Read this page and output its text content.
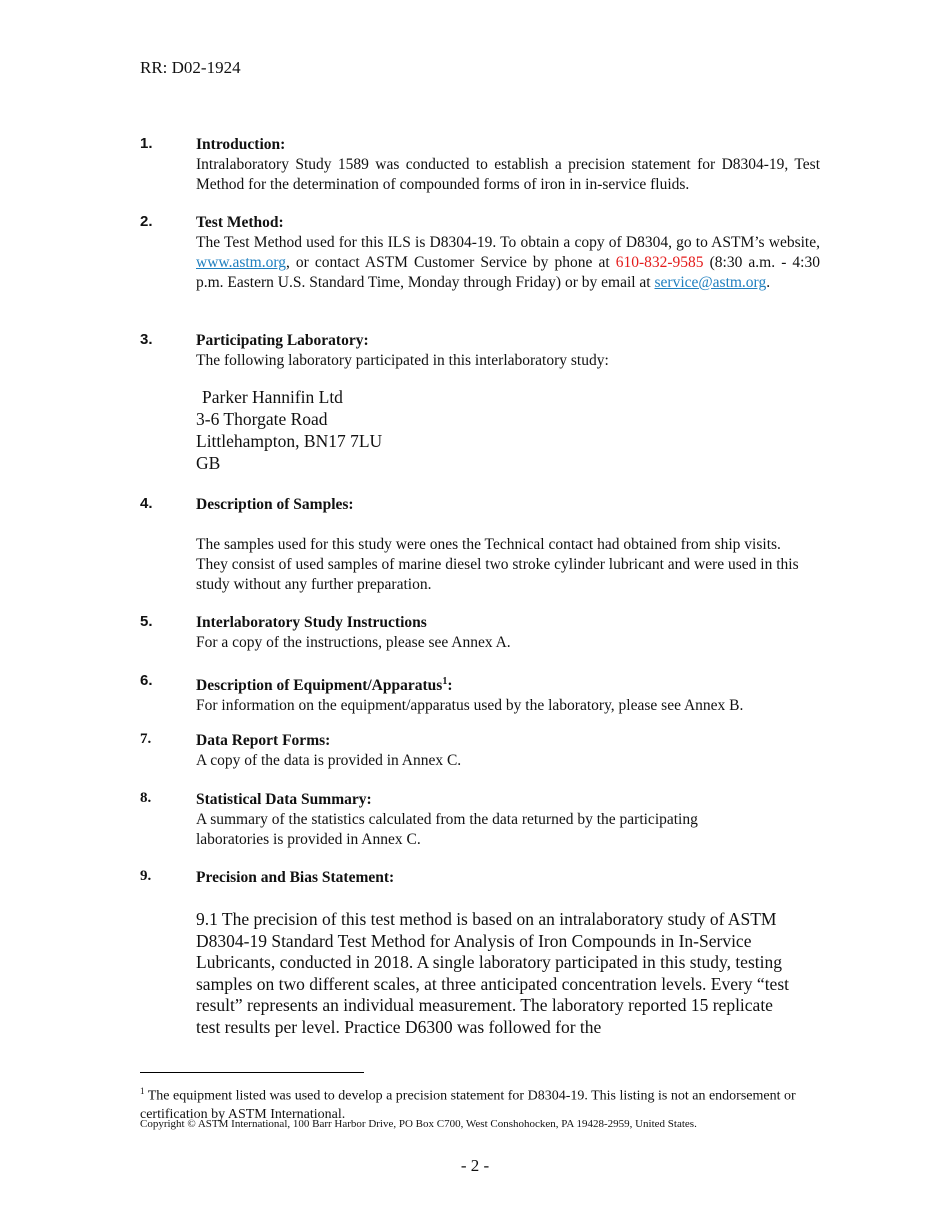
RR: D02-1924
1.	Introduction:
Intralaboratory Study 1589 was conducted to establish a precision statement for D8304-19, Test Method for the determination of compounded forms of iron in in-service fluids.
2.	Test Method:
The Test Method used for this ILS is D8304-19. To obtain a copy of D8304, go to ASTM’s website, www.astm.org, or contact ASTM Customer Service by phone at 610-832-9585 (8:30 a.m. - 4:30 p.m. Eastern U.S. Standard Time, Monday through Friday) or by email at service@astm.org.
3.	Participating Laboratory:
The following laboratory participated in this interlaboratory study:
Parker Hannifin Ltd
3-6 Thorgate Road
Littlehampton, BN17 7LU
GB
4.	Description of Samples:
The samples used for this study were ones the Technical contact had obtained from ship visits. They consist of used samples of marine diesel two stroke cylinder lubricant and were used in this study without any further preparation.
5.	Interlaboratory Study Instructions
For a copy of the instructions, please see Annex A.
6.	Description of Equipment/Apparatus$^1$:
For information on the equipment/apparatus used by the laboratory, please see Annex B.
7.	Data Report Forms:
A copy of the data is provided in Annex C.
8.	Statistical Data Summary:
A summary of the statistics calculated from the data returned by the participating laboratories is provided in Annex C.
9.	Precision and Bias Statement:
9.1 The precision of this test method is based on an intralaboratory study of ASTM D8304-19 Standard Test Method for Analysis of Iron Compounds in In-Service Lubricants, conducted in 2018. A single laboratory participated in this study, testing samples on two different scales, at three anticipated concentration levels. Every “test result” represents an individual measurement. The laboratory reported 15 replicate test results per level. Practice D6300 was followed for the
$^1$ The equipment listed was used to develop a precision statement for D8304-19. This listing is not an endorsement or certification by ASTM International.
Copyright © ASTM International, 100 Barr Harbor Drive, PO Box C700, West Conshohocken, PA 19428-2959, United States.
- 2 -
